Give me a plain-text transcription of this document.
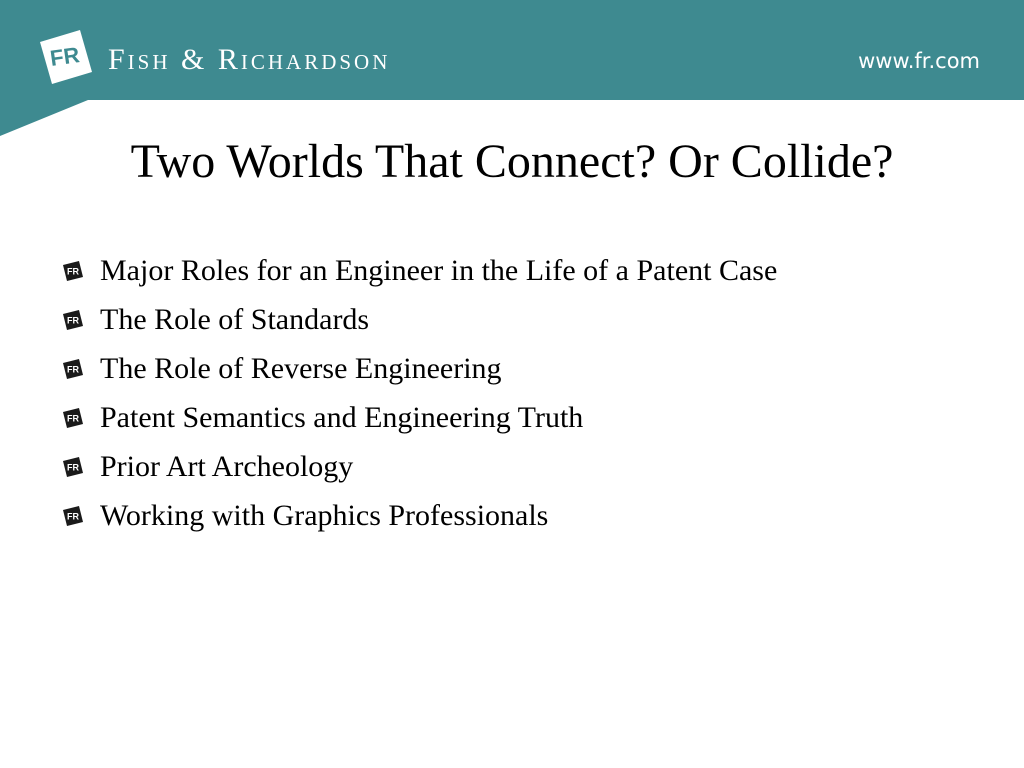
FR Fish & Richardson	www.fr.com
Two Worlds That Connect? Or Collide?
FR Major Roles for an Engineer in the Life of a Patent Case
FR The Role of Standards
FR The Role of Reverse Engineering
FR Patent Semantics and Engineering Truth
FR Prior Art Archeology
FR Working with Graphics Professionals
